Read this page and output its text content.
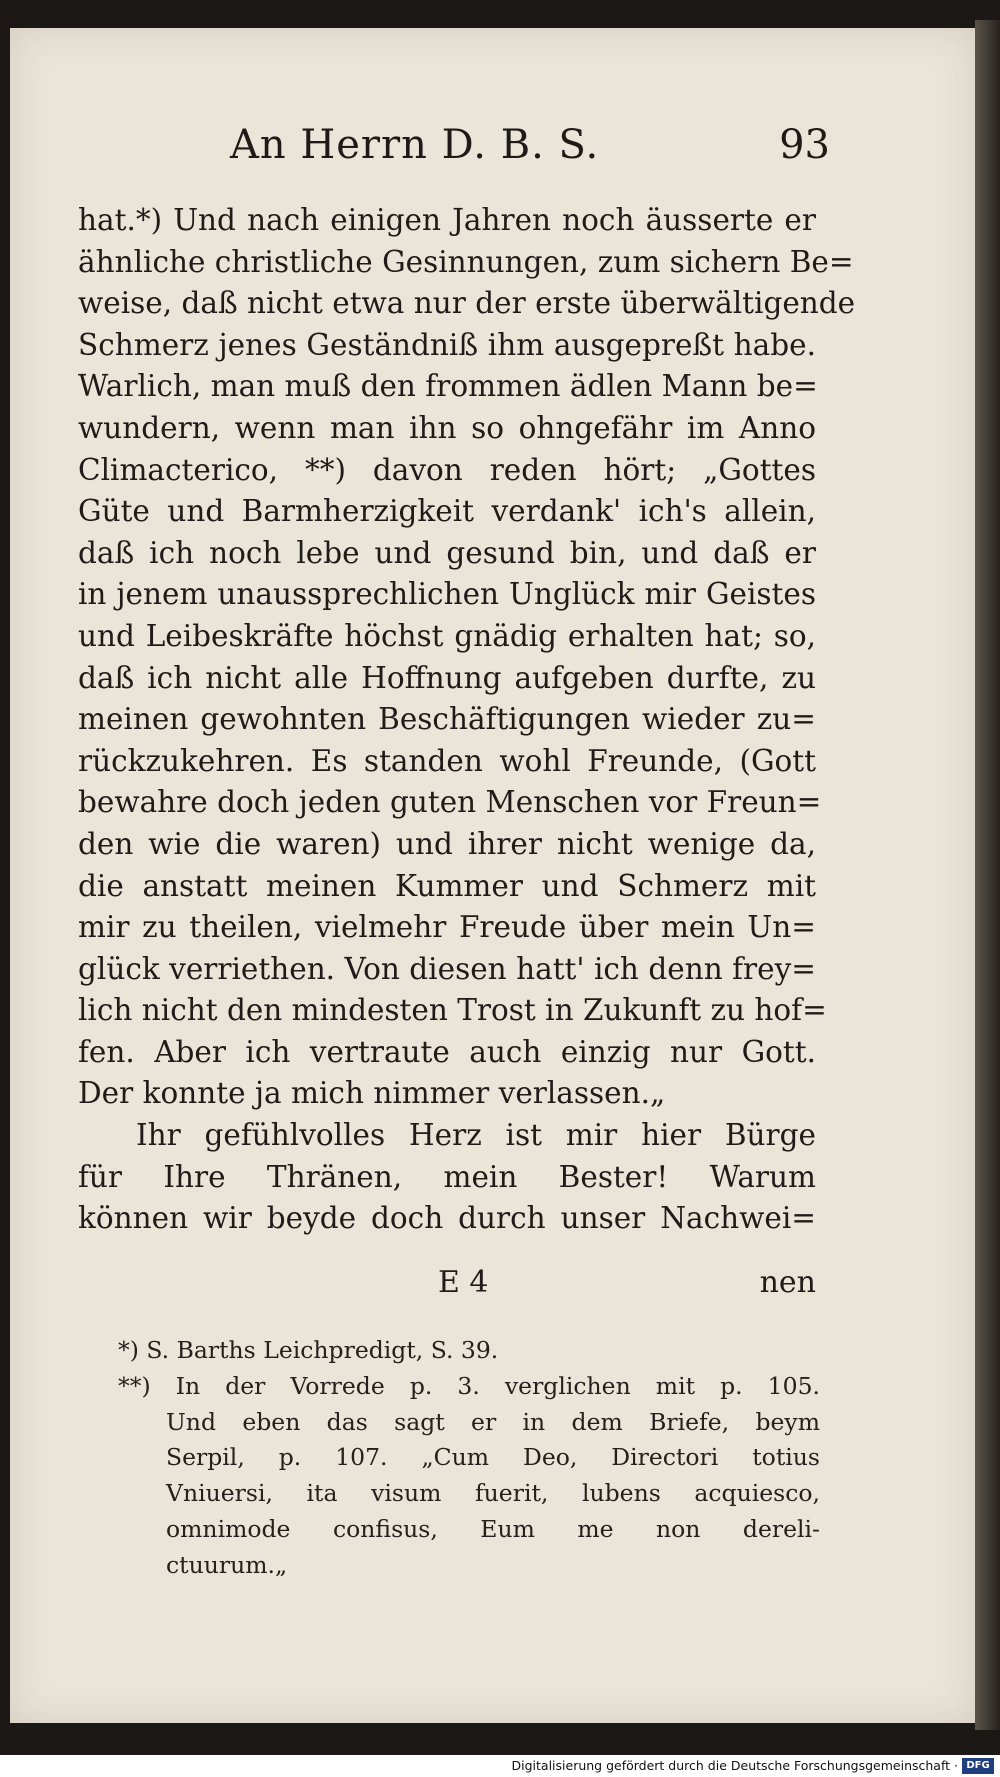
An Herrn D. B. S.	93
hat.*) Und nach einigen Jahren noch äusserte er
ähnliche christliche Gesinnungen, zum sichern Be=
weise, daß nicht etwa nur der erste überwältigende
Schmerz jenes Geständniß ihm ausgepreßt habe.
Warlich, man muß den frommen ädlen Mann be=
wundern, wenn man ihn so ohngefähr im Anno
Climacterico, **) davon reden hört; „Gottes
Güte und Barmherzigkeit verdank' ich's allein,
daß ich noch lebe und gesund bin, und daß er
in jenem unaussprechlichen Unglück mir Geistes
und Leibeskräfte höchst gnädig erhalten hat; so,
daß ich nicht alle Hoffnung aufgeben durfte, zu
meinen gewohnten Beschäftigungen wieder zu=
rückzukehren. Es standen wohl Freunde, (Gott
bewahre doch jeden guten Menschen vor Freun=
den wie die waren) und ihrer nicht wenige da,
die anstatt meinen Kummer und Schmerz mit
mir zu theilen, vielmehr Freude über mein Un=
glück verriethen. Von diesen hatt' ich denn frey=
lich nicht den mindesten Trost in Zukunft zu hof=
fen. Aber ich vertraute auch einzig nur Gott.
Der konnte ja mich nimmer verlassen.„
Ihr gefühlvolles Herz ist mir hier Bürge
für Ihre Thränen, mein Bester! Warum
können wir beyde doch durch unser Nachwei=
E 4	nen
*) S. Barths Leichpredigt, S. 39.
**) In der Vorrede p. 3. verglichen mit p. 105.
Und eben das sagt er in dem Briefe, beym
Serpil, p. 107. „Cum Deo, Directori totius
Vniuersi, ita visum fuerit, lubens acquiesco,
omnimode confisus, Eum me non dereli-
ctuurum.„
Digitalisierung gefördert durch die Deutsche Forschungsgemeinschaft · DFG
